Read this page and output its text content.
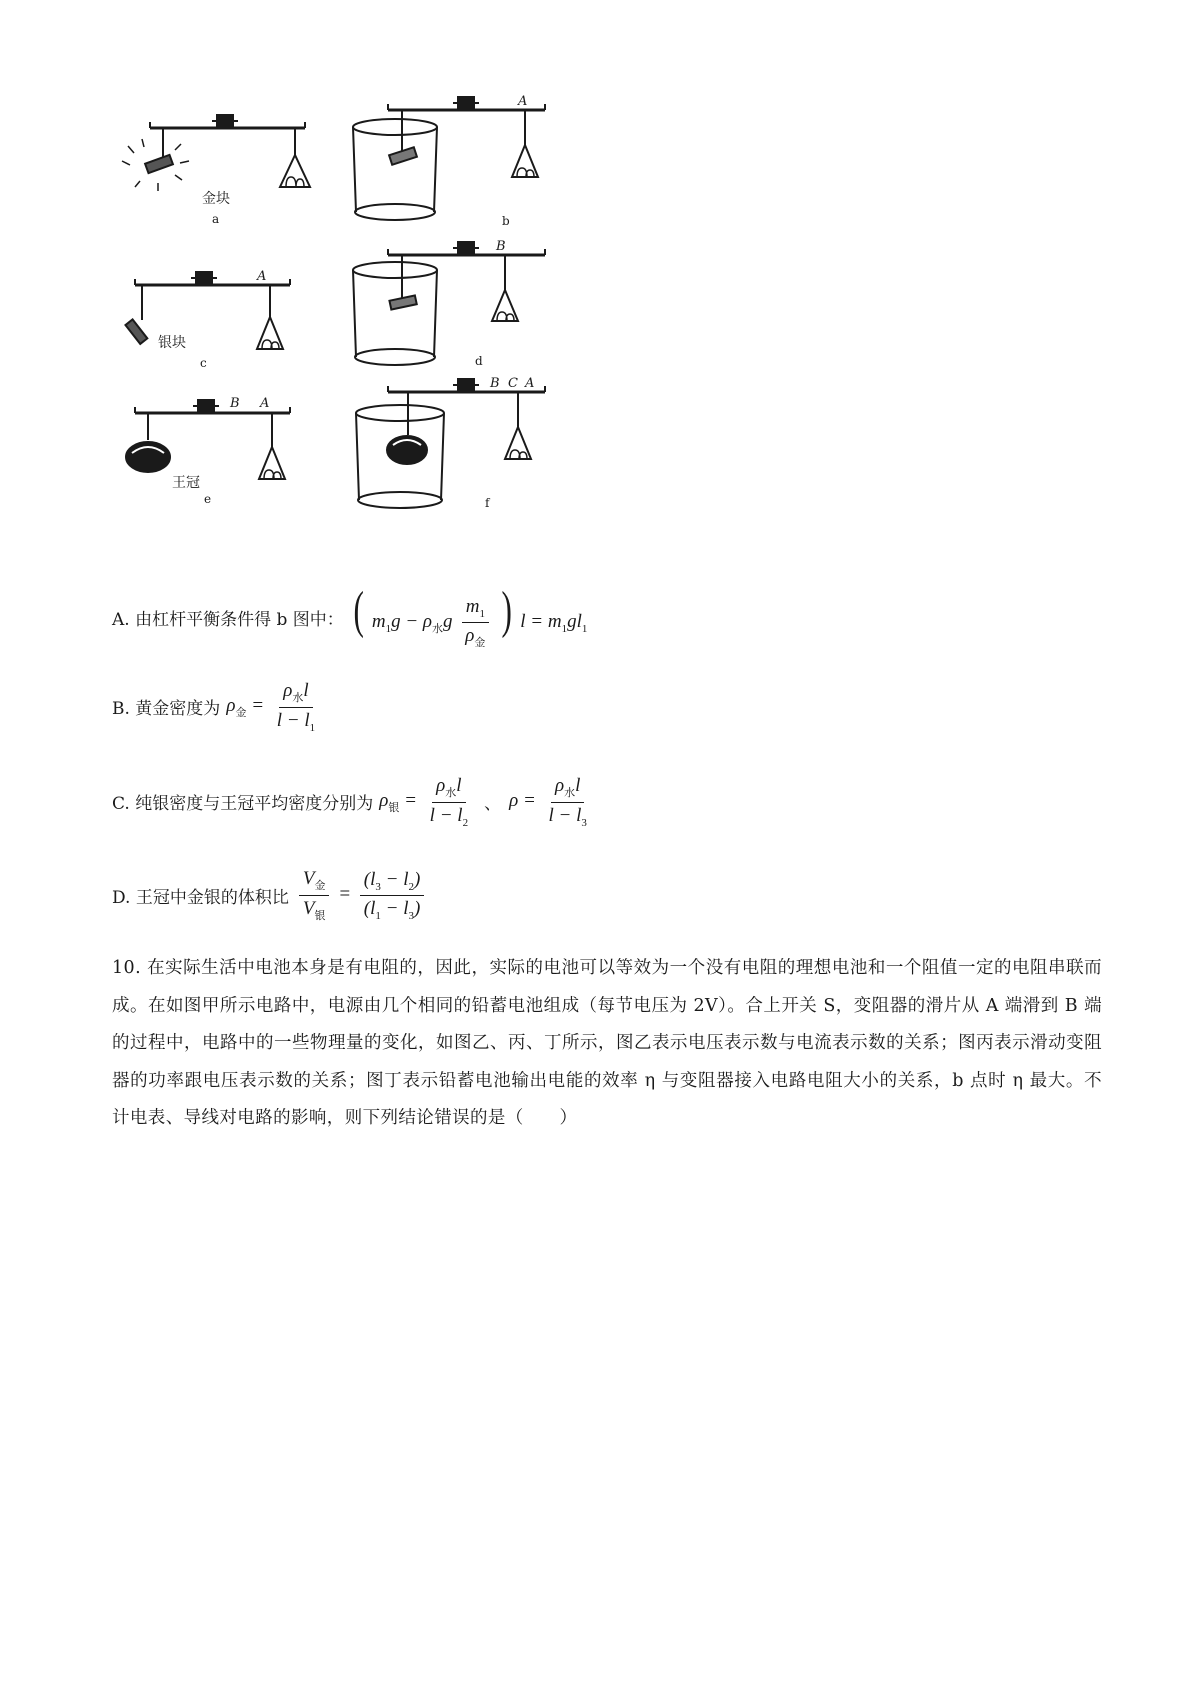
金块
a
A
b
A
银块
c
B
d
B A
王冠
e
B C A
f
A. 由杠杆平衡条件得 b 图中： ( $m_1g - \rho_水g \frac{m_1}{\rho_金}$ ) $l = m_1gl_1$
B. 黄金密度为 $\rho_金 = \frac{\rho_水l}{l - l_1}$
C. 纯银密度与王冠平均密度分别为 $\rho_银 = \frac{\rho_水l}{l - l_2}$ 、 $\rho = \frac{\rho_水l}{l - l_3}$
D. 王冠中金银的体积比 $\frac{V_金}{V_银} = \frac{(l_3 - l_2)}{(l_1 - l_3)}$
10. 在实际生活中电池本身是有电阻的，因此，实际的电池可以等效为一个没有电阻的理想电池和一个阻值一定的电阻串联而成。在如图甲所示电路中，电源由几个相同的铅蓄电池组成（每节电压为 2V）。合上开关 S，变阻器的滑片从 A 端滑到 B 端的过程中，电路中的一些物理量的变化，如图乙、丙、丁所示，图乙表示电压表示数与电流表示数的关系；图丙表示滑动变阻器的功率跟电压表示数的关系；图丁表示铅蓄电池输出电能的效率 η 与变阻器接入电路电阻大小的关系，b 点时 η 最大。不计电表、导线对电路的影响，则下列结论错误的是（　　）
